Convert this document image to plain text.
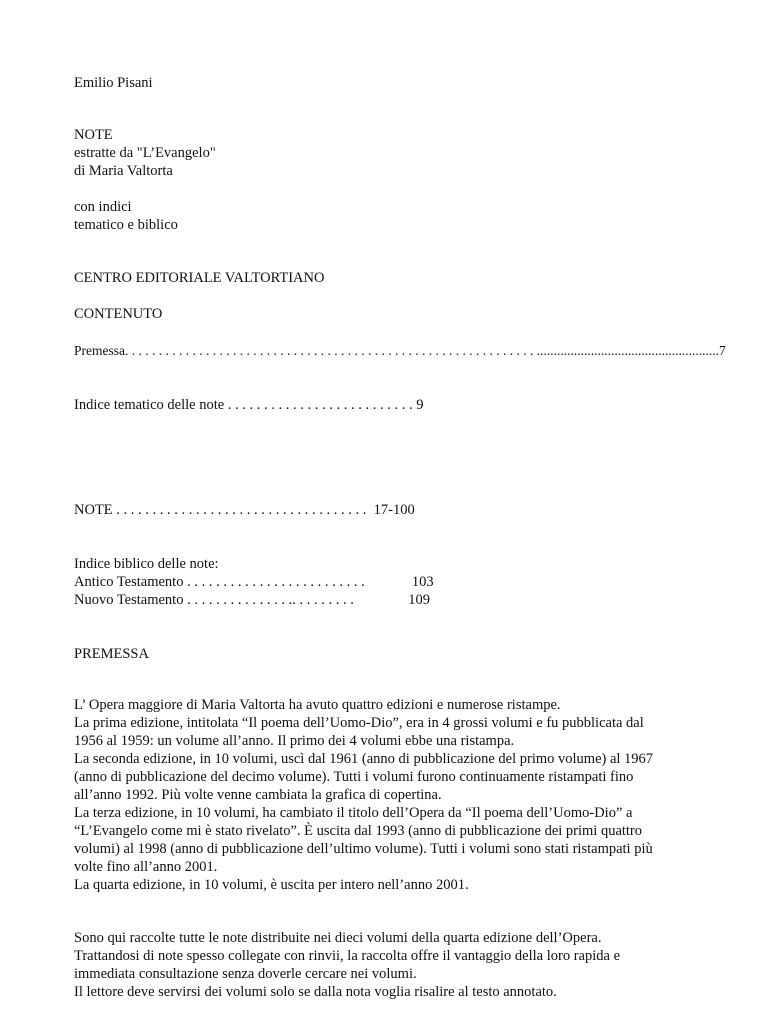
Emilio Pisani
NOTE
estratte da "L’Evangelo"
di Maria Valtorta
con indici
tematico e biblico
CENTRO EDITORIALE VALTORTIANO
CONTENUTO
Premessa. . . . . . . . . . . . . . . . . . . . . . . . . . . . . . . . . . . . . . . . . . . . . . . . . . . . . . . . . . . . . ......................................................7
Indice tematico delle note . . . . . . . . . . . . . . . . . . . . . . . . . . 9
NOTE . . . . . . . . . . . . . . . . . . . . . . . . . . . . . . . . . . .  17-100
Indice biblico delle note:
Antico Testamento . . . . . . . . . . . . . . . . . . . . . . . . .             103
Nuovo Testamento . . . . . . . . . . . . . . .. . . . . . . . .               109
PREMESSA
L’ Opera maggiore di Maria Valtorta ha avuto quattro edizioni e numerose ristampe.
La prima edizione, intitolata “Il poema dell’Uomo-Dio”, era in 4 grossi volumi e fu pubblicata dal
1956 al 1959: un volume all’anno. Il primo dei 4 volumi ebbe una ristampa.
La seconda edizione, in 10 volumi, uscì dal 1961 (anno di pubblicazione del primo volume) al 1967
(anno di pubblicazione del decimo volume). Tutti i volumi furono continuamente ristampati fino
all’anno 1992. Più volte venne cambiata la grafica di copertina.
La terza edizione, in 10 volumi, ha cambiato il titolo dell’Opera da “Il poema dell’Uomo-Dio” a
“L’Evangelo come mi è stato rivelato”. È uscita dal 1993 (anno di pubblicazione dei primi quattro
volumi) al 1998 (anno di pubblicazione dell’ultimo volume). Tutti i volumi sono stati ristampati più
volte fino all’anno 2001.
La quarta edizione, in 10 volumi, è uscita per intero nell’anno 2001.
Sono qui raccolte tutte le note distribuite nei dieci volumi della quarta edizione dell’Opera.
Trattandosi di note spesso collegate con rinvii, la raccolta offre il vantaggio della loro rapida e
immediata consultazione senza doverle cercare nei volumi.
Il lettore deve servirsi dei volumi solo se dalla nota voglia risalire al testo annotato.
